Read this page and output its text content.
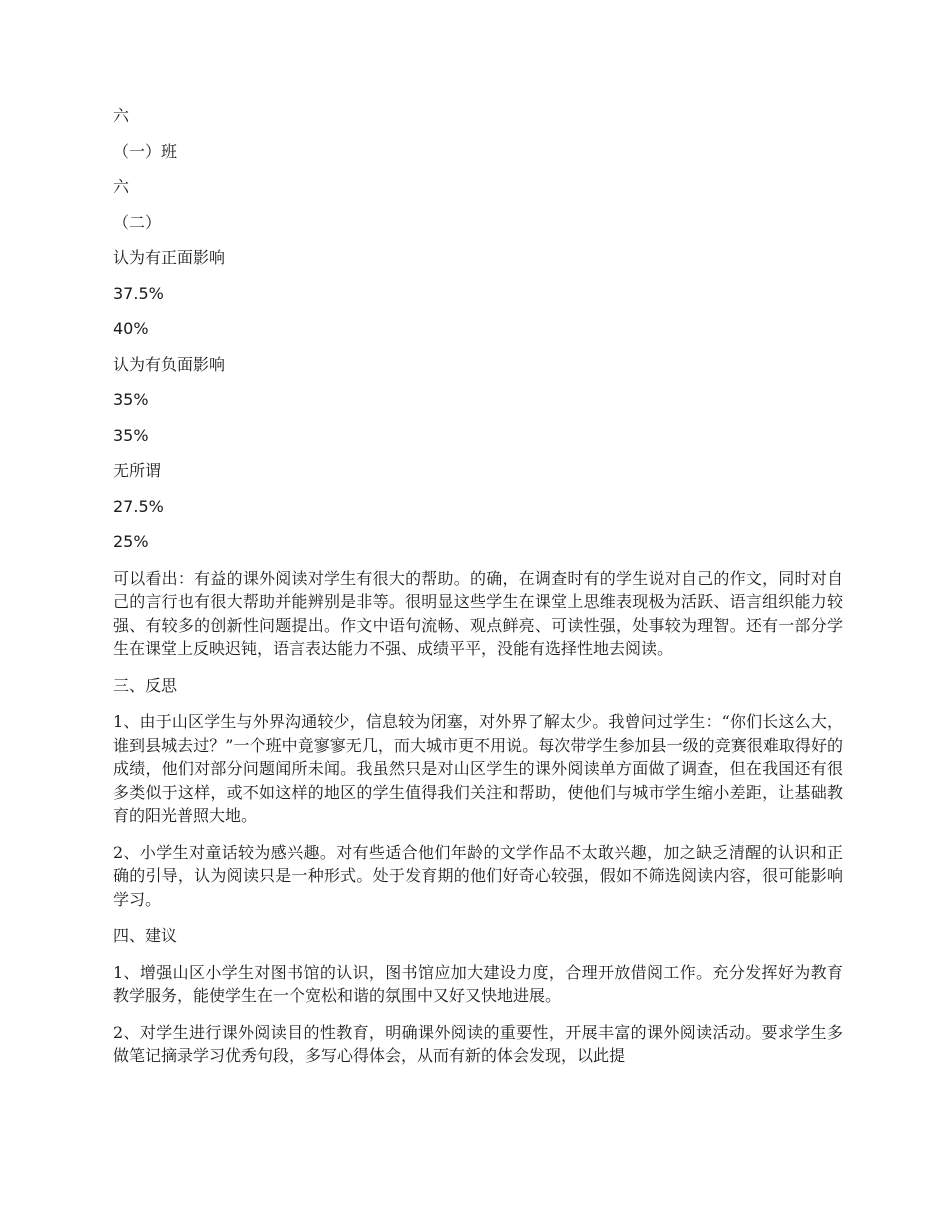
六
（一）班
六
（二）
认为有正面影响
37.5%
40%
认为有负面影响
35%
35%
无所谓
27.5%
25%

可以看出：有益的课外阅读对学生有很大的帮助。的确，在调查时有的学生说对自己的作文，同时对自己的言行也有很大帮助并能辨别是非等。很明显这些学生在课堂上思维表现极为活跃、语言组织能力较强、有较多的创新性问题提出。作文中语句流畅、观点鲜亮、可读性强，处事较为理智。还有一部分学生在课堂上反映迟钝，语言表达能力不强、成绩平平，没能有选择性地去阅读。

三、反思

1、由于山区学生与外界沟通较少，信息较为闭塞，对外界了解太少。我曾问过学生：“你们长这么大，谁到县城去过？”一个班中竟寥寥无几，而大城市更不用说。每次带学生参加县一级的竞赛很难取得好的成绩，他们对部分问题闻所未闻。我虽然只是对山区学生的课外阅读单方面做了调查，但在我国还有很多类似于这样，或不如这样的地区的学生值得我们关注和帮助，使他们与城市学生缩小差距，让基础教育的阳光普照大地。

2、小学生对童话较为感兴趣。对有些适合他们年龄的文学作品不太敢兴趣，加之缺乏清醒的认识和正确的引导，认为阅读只是一种形式。处于发育期的他们好奇心较强，假如不筛选阅读内容，很可能影响学习。

四、建议

1、增强山区小学生对图书馆的认识，图书馆应加大建设力度，合理开放借阅工作。充分发挥好为教育教学服务，能使学生在一个宽松和谐的氛围中又好又快地进展。

2、对学生进行课外阅读目的性教育，明确课外阅读的重要性，开展丰富的课外阅读活动。要求学生多做笔记摘录学习优秀句段，多写心得体会，从而有新的体会发现，以此提
